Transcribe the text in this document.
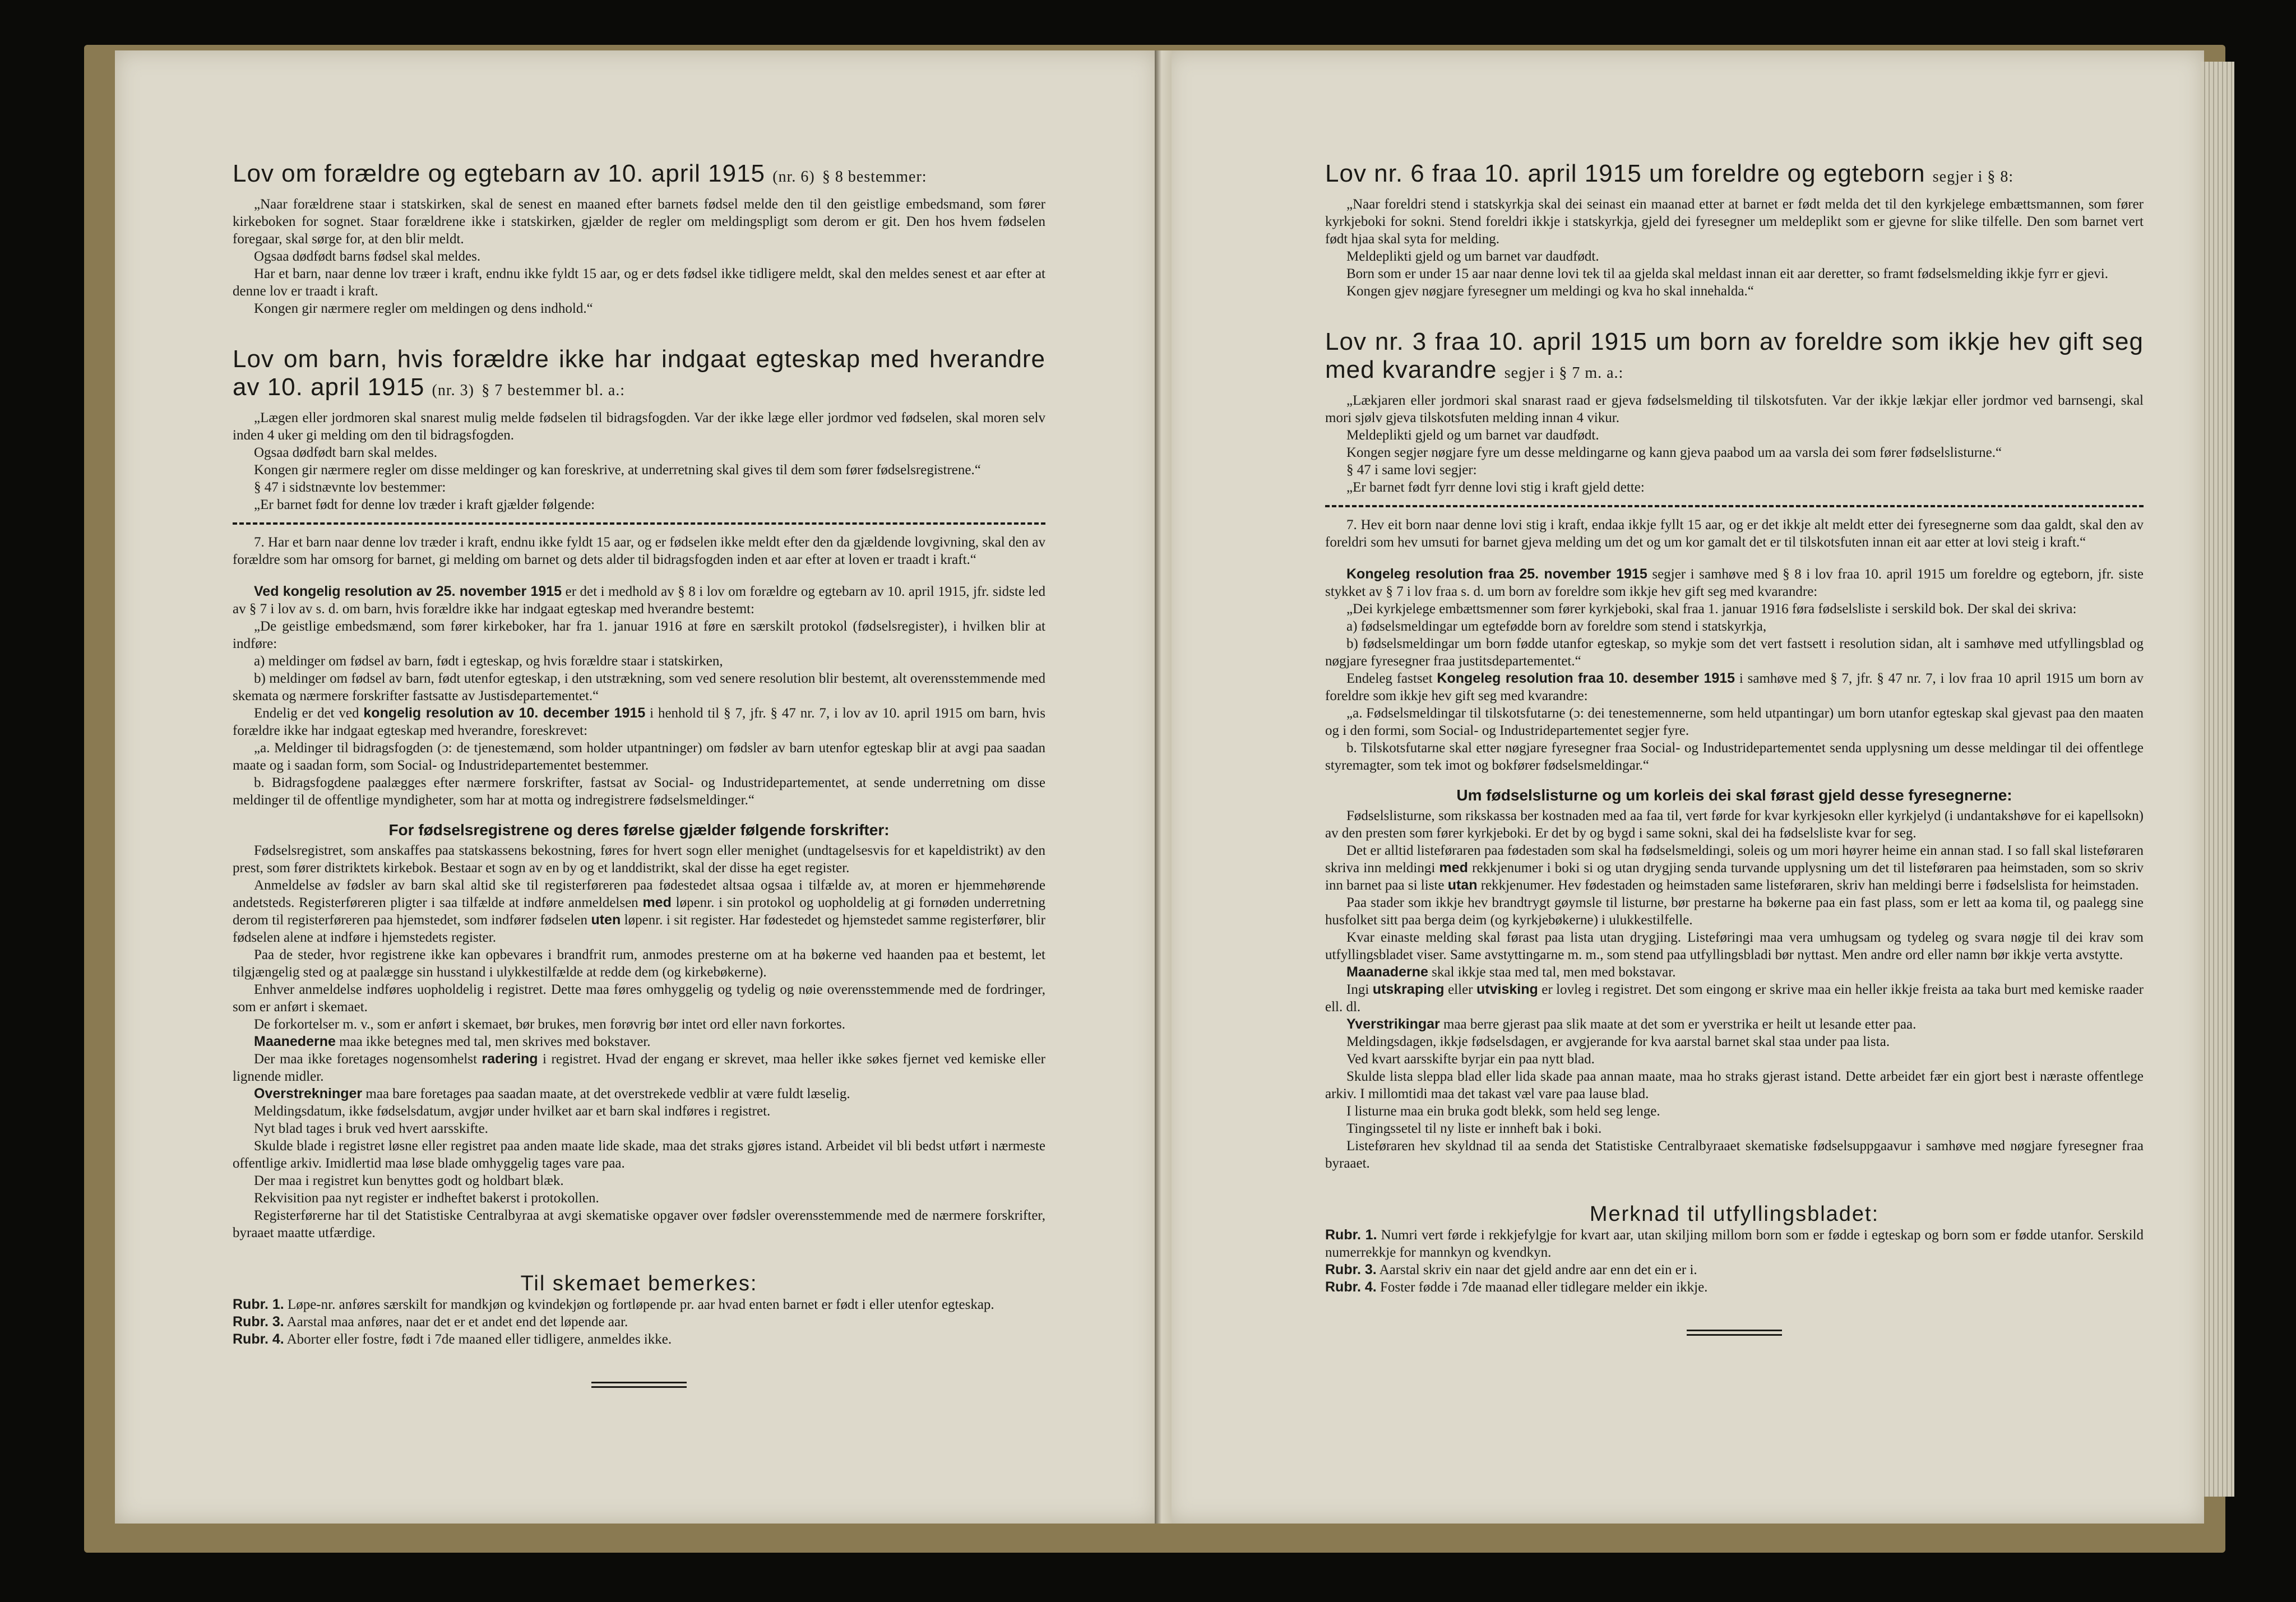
Lov om forældre og egtebarn av 10. april 1915 (nr. 6) § 8 bestemmer:

„Naar forældrene staar i statskirken, skal de senest en maaned efter barnets fødsel melde den til den geistlige embedsmand, som fører kirkeboken for sognet. Staar forældrene ikke i statskirken, gjælder de regler om meldingspligt som derom er git. Den hos hvem fødselen foregaar, skal sørge for, at den blir meldt.

Ogsaa dødfødt barns fødsel skal meldes.

Har et barn, naar denne lov træer i kraft, endnu ikke fyldt 15 aar, og er dets fødsel ikke tidligere meldt, skal den meldes senest et aar efter at denne lov er traadt i kraft.

Kongen gir nærmere regler om meldingen og dens indhold.“

Lov om barn, hvis forældre ikke har indgaat egteskap med hverandre av 10. april 1915 (nr. 3) § 7 bestemmer bl. a.:

„Lægen eller jordmoren skal snarest mulig melde fødselen til bidragsfogden. Var der ikke læge eller jordmor ved fødselen, skal moren selv inden 4 uker gi melding om den til bidragsfogden.

Ogsaa dødfødt barn skal meldes.

Kongen gir nærmere regler om disse meldinger og kan foreskrive, at underretning skal gives til dem som fører fødselsregistrene.“

§ 47 i sidstnævnte lov bestemmer:

„Er barnet født for denne lov træder i kraft gjælder følgende:

7. Har et barn naar denne lov træder i kraft, endnu ikke fyldt 15 aar, og er fødselen ikke meldt efter den da gjældende lovgivning, skal den av forældre som har omsorg for barnet, gi melding om barnet og dets alder til bidragsfogden inden et aar efter at loven er traadt i kraft.“

Ved kongelig resolution av 25. november 1915 er det i medhold av § 8 i lov om forældre og egtebarn av 10. april 1915, jfr. sidste led av § 7 i lov av s. d. om barn, hvis forældre ikke har indgaat egteskap med hverandre bestemt:

„De geistlige embedsmænd, som fører kirkeboker, har fra 1. januar 1916 at føre en særskilt protokol (fødselsregister), i hvilken blir at indføre:

a) meldinger om fødsel av barn, født i egteskap, og hvis forældre staar i statskirken,

b) meldinger om fødsel av barn, født utenfor egteskap, i den utstrækning, som ved senere resolution blir bestemt, alt overensstemmende med skemata og nærmere forskrifter fastsatte av Justisdepartementet.“

Endelig er det ved kongelig resolution av 10. december 1915 i henhold til § 7, jfr. § 47 nr. 7, i lov av 10. april 1915 om barn, hvis forældre ikke har indgaat egteskap med hverandre, foreskrevet:

„a. Meldinger til bidragsfogden (ɔ: de tjenestemænd, som holder utpantninger) om fødsler av barn utenfor egteskap blir at avgi paa saadan maate og i saadan form, som Social- og Industridepartementet bestemmer.

b. Bidragsfogdene paalægges efter nærmere forskrifter, fastsat av Social- og Industridepartementet, at sende underretning om disse meldinger til de offentlige myndigheter, som har at motta og indregistrere fødselsmeldinger.“

For fødselsregistrene og deres førelse gjælder følgende forskrifter:

Fødselsregistret, som anskaffes paa statskassens bekostning, føres for hvert sogn eller menighet (undtagelsesvis for et kapeldistrikt) av den prest, som fører distriktets kirkebok. Bestaar et sogn av en by og et landdistrikt, skal der disse ha eget register.

Anmeldelse av fødsler av barn skal altid ske til registerføreren paa fødestedet altsaa ogsaa i tilfælde av, at moren er hjemmehørende andetsteds. Registerføreren pligter i saa tilfælde at indføre anmeldelsen med løpenr. i sin protokol og uopholdelig at gi fornøden underretning derom til registerføreren paa hjemstedet, som indfører fødselen uten løpenr. i sit register. Har fødestedet og hjemstedet samme registerfører, blir fødselen alene at indføre i hjemstedets register.

Paa de steder, hvor registrene ikke kan opbevares i brandfrit rum, anmodes presterne om at ha bøkerne ved haanden paa et bestemt, let tilgjængelig sted og at paalægge sin husstand i ulykkestilfælde at redde dem (og kirkebøkerne).

Enhver anmeldelse indføres uopholdelig i registret. Dette maa føres omhyggelig og tydelig og nøie overensstemmende med de fordringer, som er anført i skemaet.

De forkortelser m. v., som er anført i skemaet, bør brukes, men forøvrig bør intet ord eller navn forkortes.

Maanederne maa ikke betegnes med tal, men skrives med bokstaver.

Der maa ikke foretages nogensomhelst radering i registret. Hvad der engang er skrevet, maa heller ikke søkes fjernet ved kemiske eller lignende midler.

Overstrekninger maa bare foretages paa saadan maate, at det overstrekede vedblir at være fuldt læselig.

Meldingsdatum, ikke fødselsdatum, avgjør under hvilket aar et barn skal indføres i registret.

Nyt blad tages i bruk ved hvert aarsskifte.

Skulde blade i registret løsne eller registret paa anden maate lide skade, maa det straks gjøres istand. Arbeidet vil bli bedst utført i nærmeste offentlige arkiv. Imidlertid maa løse blade omhyggelig tages vare paa.

Der maa i registret kun benyttes godt og holdbart blæk.

Rekvisition paa nyt register er indheftet bakerst i protokollen.

Registerførerne har til det Statistiske Centralbyraa at avgi skematiske opgaver over fødsler overensstemmende med de nærmere forskrifter, byraaet maatte utfærdige.

Til skemaet bemerkes:

Rubr. 1. Løpe-nr. anføres særskilt for mandkjøn og kvindekjøn og fortløpende pr. aar hvad enten barnet er født i eller utenfor egteskap.

Rubr. 3. Aarstal maa anføres, naar det er et andet end det løpende aar.

Rubr. 4. Aborter eller fostre, født i 7de maaned eller tidligere, anmeldes ikke.

Lov nr. 6 fraa 10. april 1915 um foreldre og egteborn segjer i § 8:

„Naar foreldri stend i statskyrkja skal dei seinast ein maanad etter at barnet er født melda det til den kyrkjelege embættsmannen, som fører kyrkjeboki for sokni. Stend foreldri ikkje i statskyrkja, gjeld dei fyresegner um meldeplikt som er gjevne for slike tilfelle. Den som barnet vert født hjaa skal syta for melding.

Meldeplikti gjeld og um barnet var daudfødt.

Born som er under 15 aar naar denne lovi tek til aa gjelda skal meldast innan eit aar deretter, so framt fødselsmelding ikkje fyrr er gjevi.

Kongen gjev nøgjare fyresegner um meldingi og kva ho skal innehalda.“

Lov nr. 3 fraa 10. april 1915 um born av foreldre som ikkje hev gift seg med kvarandre segjer i § 7 m. a.:

„Lækjaren eller jordmori skal snarast raad er gjeva fødselsmelding til tilskotsfuten. Var der ikkje lækjar eller jordmor ved barnsengi, skal mori sjølv gjeva tilskotsfuten melding innan 4 vikur.

Meldeplikti gjeld og um barnet var daudfødt.

Kongen segjer nøgjare fyre um desse meldingarne og kann gjeva paabod um aa varsla dei som fører fødselslisturne.“

§ 47 i same lovi segjer:

„Er barnet født fyrr denne lovi stig i kraft gjeld dette:

7. Hev eit born naar denne lovi stig i kraft, endaa ikkje fyllt 15 aar, og er det ikkje alt meldt etter dei fyresegnerne som daa galdt, skal den av foreldri som hev umsuti for barnet gjeva melding um det og um kor gamalt det er til tilskotsfuten innan eit aar etter at lovi steig i kraft.“

Kongeleg resolution fraa 25. november 1915 segjer i samhøve med § 8 i lov fraa 10. april 1915 um foreldre og egteborn, jfr. siste stykket av § 7 i lov fraa s. d. um born av foreldre som ikkje hev gift seg med kvarandre:

„Dei kyrkjelege embættsmenner som fører kyrkjeboki, skal fraa 1. januar 1916 føra fødselsliste i serskild bok. Der skal dei skriva:

a) fødselsmeldingar um egtefødde born av foreldre som stend i statskyrkja,

b) fødselsmeldingar um born fødde utanfor egteskap, so mykje som det vert fastsett i resolution sidan, alt i samhøve med utfyllingsblad og nøgjare fyresegner fraa justitsdepartementet.“

Endeleg fastset Kongeleg resolution fraa 10. desember 1915 i samhøve med § 7, jfr. § 47 nr. 7, i lov fraa 10 april 1915 um born av foreldre som ikkje hev gift seg med kvarandre:

„a. Fødselsmeldingar til tilskotsfutarne (ɔ: dei tenestemennerne, som held utpantingar) um born utanfor egteskap skal gjevast paa den maaten og i den formi, som Social- og Industridepartementet segjer fyre.

b. Tilskotsfutarne skal etter nøgjare fyresegner fraa Social- og Industridepartementet senda upplysning um desse meldingar til dei offentlege styremagter, som tek imot og bokfører fødselsmeldingar.“

Um fødselslisturne og um korleis dei skal førast gjeld desse fyresegnerne:

Fødselslisturne, som rikskassa ber kostnaden med aa faa til, vert førde for kvar kyrkjesokn eller kyrkjelyd (i undantakshøve for ei kapellsokn) av den presten som fører kyrkjeboki. Er det by og bygd i same sokni, skal dei ha fødselsliste kvar for seg.

Det er alltid listeføraren paa fødestaden som skal ha fødselsmeldingi, soleis og um mori høyrer heime ein annan stad. I so fall skal listeføraren skriva inn meldingi med rekkjenumer i boki si og utan drygjing senda turvande upplysning um det til listeføraren paa heimstaden, som so skriv inn barnet paa si liste utan rekkjenumer. Hev fødestaden og heimstaden same listeføraren, skriv han meldingi berre i fødselslista for heimstaden.

Paa stader som ikkje hev brandtrygt gøymsle til listurne, bør prestarne ha bøkerne paa ein fast plass, som er lett aa koma til, og paalegg sine husfolket sitt paa berga deim (og kyrkjebøkerne) i ulukkestilfelle.

Kvar einaste melding skal førast paa lista utan drygjing. Listeføringi maa vera umhugsam og tydeleg og svara nøgje til dei krav som utfyllingsbladet viser. Same avstyttingarne m. m., som stend paa utfyllingsbladi bør nyttast. Men andre ord eller namn bør ikkje verta avstytte.

Maanaderne skal ikkje staa med tal, men med bokstavar.

Ingi utskraping eller utvisking er lovleg i registret. Det som eingong er skrive maa ein heller ikkje freista aa taka burt med kemiske raader ell. dl.

Yverstrikingar maa berre gjerast paa slik maate at det som er yverstrika er heilt ut lesande etter paa.

Meldingsdagen, ikkje fødselsdagen, er avgjerande for kva aarstal barnet skal staa under paa lista.

Ved kvart aarsskifte byrjar ein paa nytt blad.

Skulde lista sleppa blad eller lida skade paa annan maate, maa ho straks gjerast istand. Dette arbeidet fær ein gjort best i næraste offentlege arkiv. I millomtidi maa det takast væl vare paa lause blad.

I listurne maa ein bruka godt blekk, som held seg lenge.

Tingingssetel til ny liste er innheft bak i boki.

Listeføraren hev skyldnad til aa senda det Statistiske Centralbyraaet skematiske fødselsuppgaavur i samhøve med nøgjare fyresegner fraa byraaet.

Merknad til utfyllingsbladet:

Rubr. 1. Numri vert førde i rekkjefylgje for kvart aar, utan skiljing millom born som er fødde i egteskap og born som er fødde utanfor. Serskild numerrekkje for mannkyn og kvendkyn.

Rubr. 3. Aarstal skriv ein naar det gjeld andre aar enn det ein er i.

Rubr. 4. Foster fødde i 7de maanad eller tidlegare melder ein ikkje.
